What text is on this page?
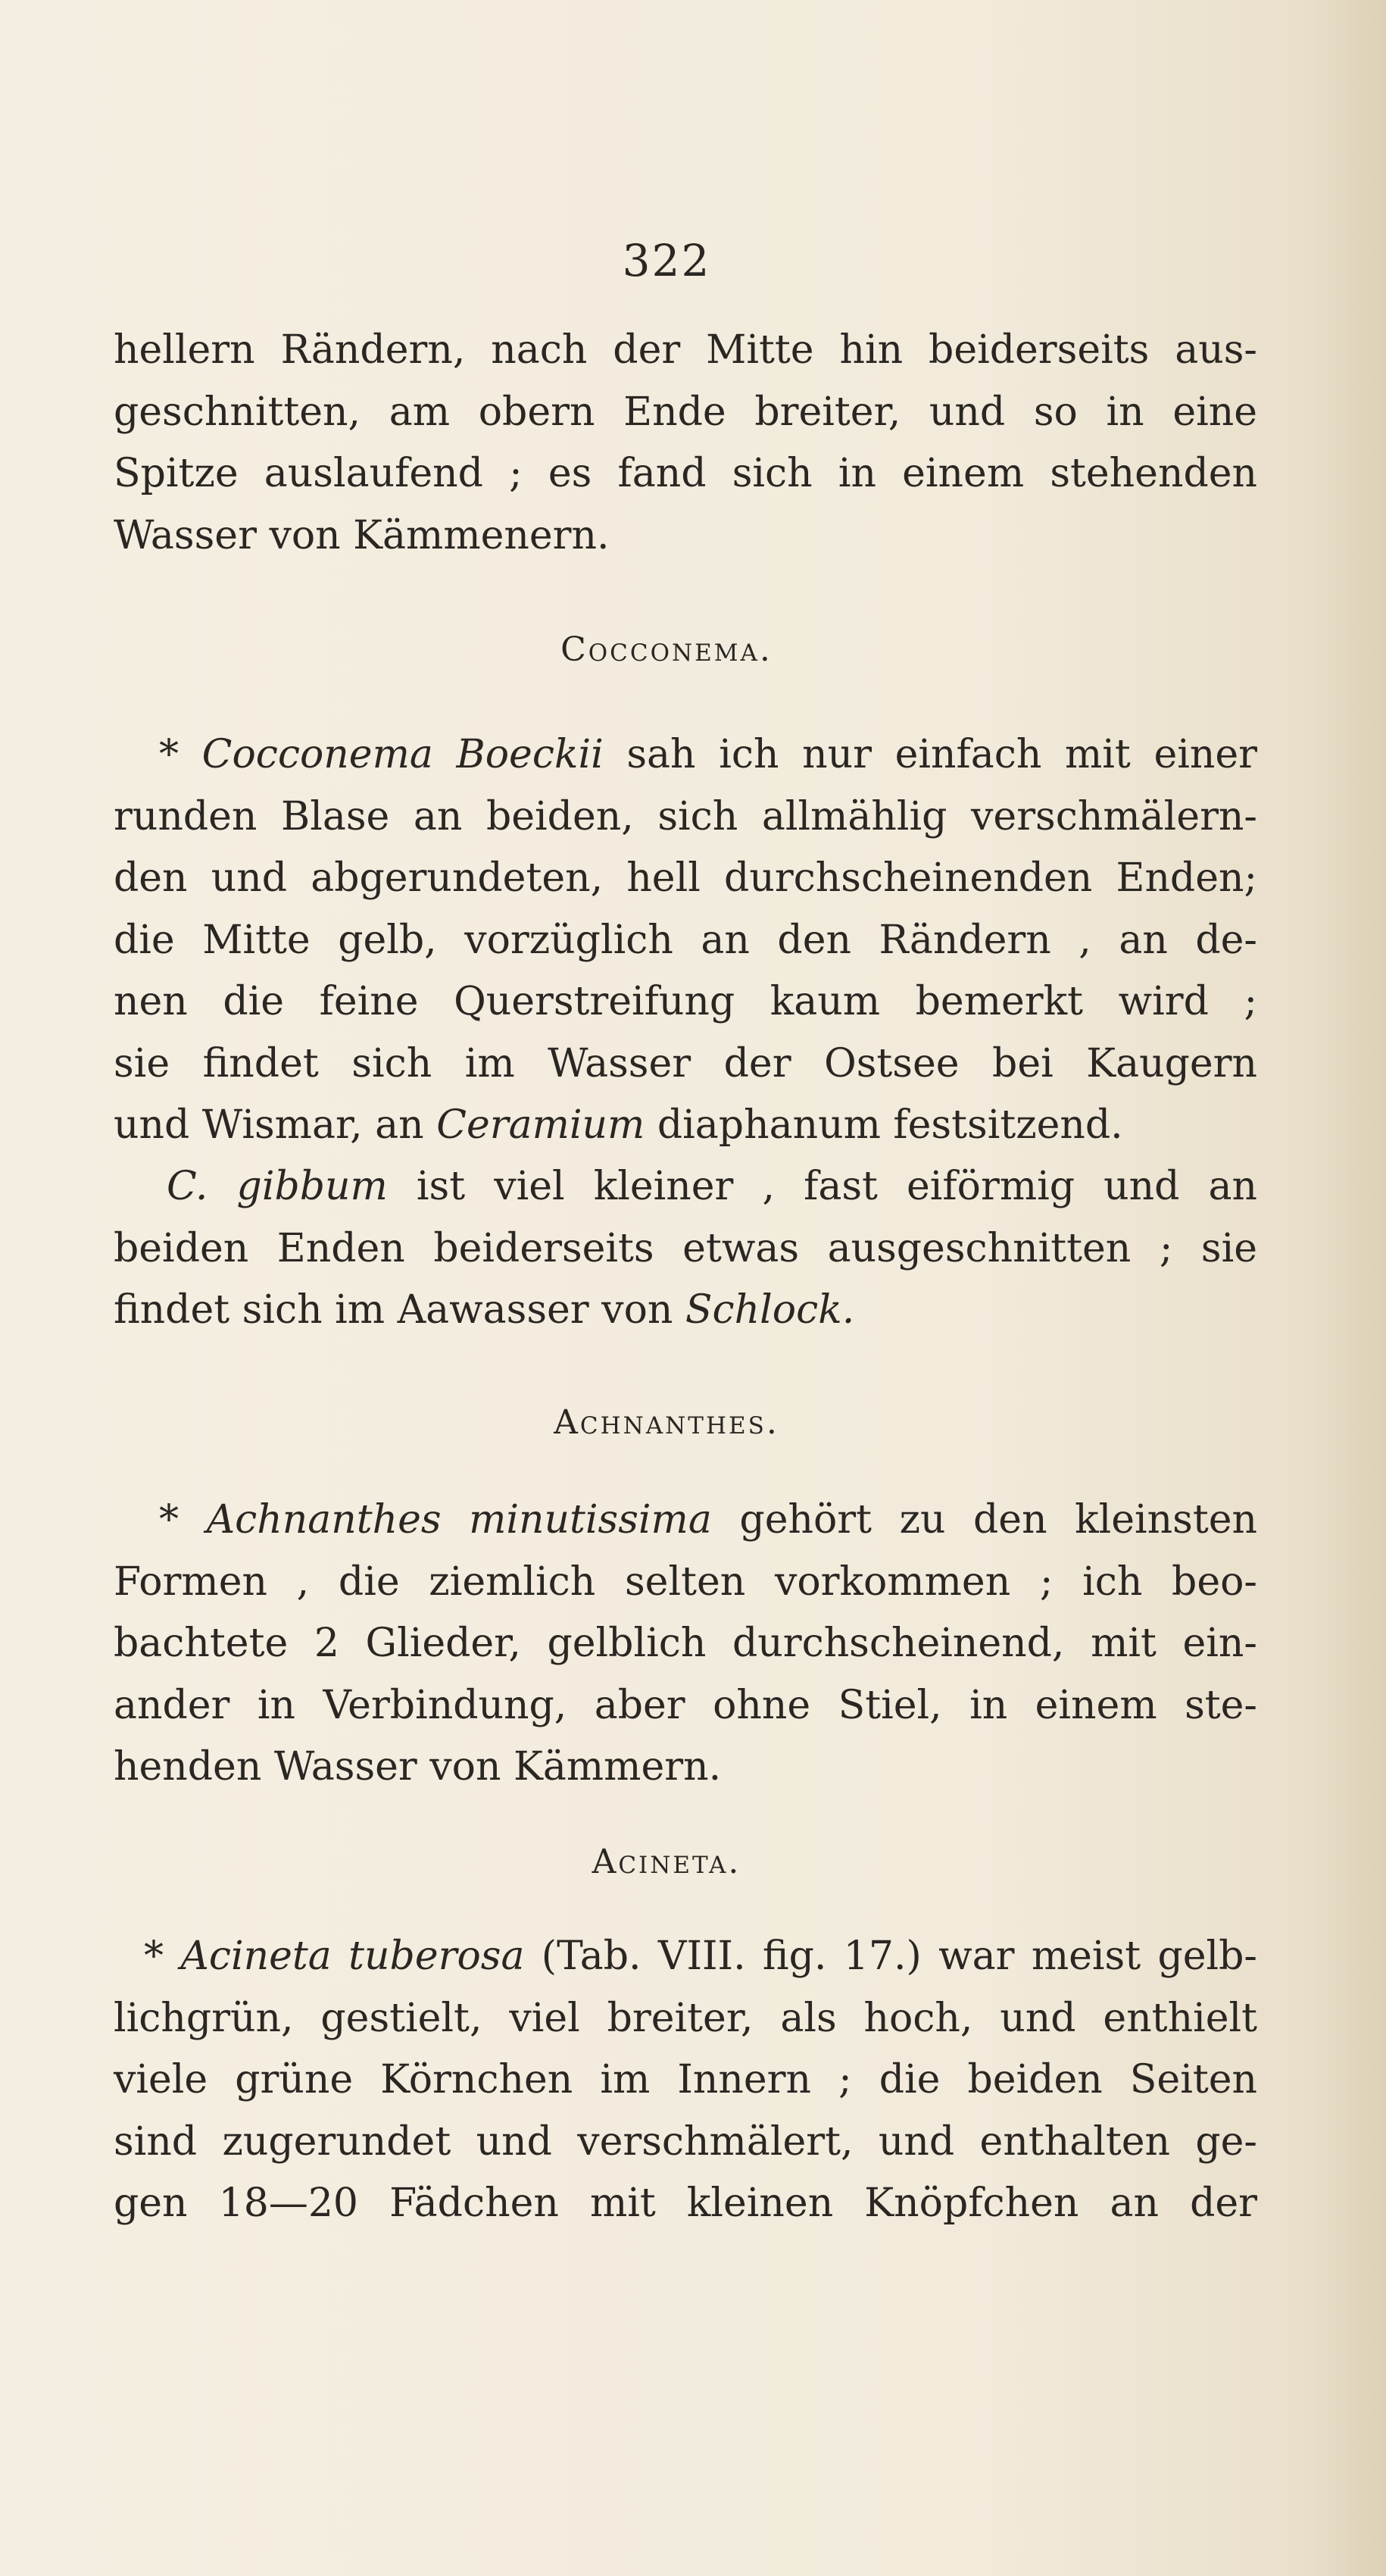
322
hellern Rändern, nach der Mitte hin beiderseits aus-
geschnitten, am obern Ende breiter, und so in eine
Spitze auslaufend ; es fand sich in einem stehenden
Wasser von Kämmenern.
Cocconema.
* Cocconema Boeckii sah ich nur einfach mit einer
runden Blase an beiden, sich allmählig verschmälern-
den und abgerundeten, hell durchscheinenden Enden;
die Mitte gelb, vorzüglich an den Rändern , an de-
nen die feine Querstreifung kaum bemerkt wird ;
sie findet sich im Wasser der Ostsee bei Kaugern
und Wismar, an Ceramium diaphanum festsitzend.
C. gibbum ist viel kleiner , fast eiförmig und an
beiden Enden beiderseits etwas ausgeschnitten ; sie
findet sich im Aawasser von Schlock.
Achnanthes.
* Achnanthes minutissima gehört zu den kleinsten
Formen , die ziemlich selten vorkommen ; ich beo-
bachtete 2 Glieder, gelblich durchscheinend, mit ein-
ander in Verbindung, aber ohne Stiel, in einem ste-
henden Wasser von Kämmern.
Acineta.
* Acineta tuberosa (Tab. VIII. fig. 17.) war meist gelb-
lichgrün, gestielt, viel breiter, als hoch, und enthielt
viele grüne Körnchen im Innern ; die beiden Seiten
sind zugerundet und verschmälert, und enthalten ge-
gen 18—20 Fädchen mit kleinen Knöpfchen an der
